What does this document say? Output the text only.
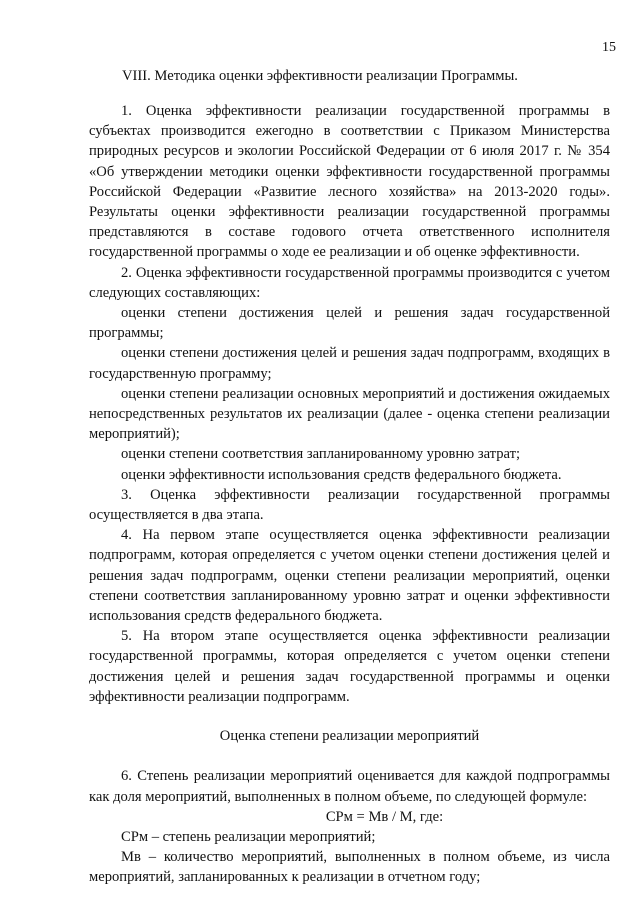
15
VIII. Методика оценки эффективности реализации Программы.

1. Оценка эффективности реализации государственной программы в субъектах производится ежегодно в соответствии с Приказом Министерства природных ресурсов и экологии Российской Федерации от 6 июля 2017 г. № 354 «Об утверждении методики оценки эффективности государственной программы Российской Федерации «Развитие лесного хозяйства» на 2013-2020 годы». Результаты оценки эффективности реализации государственной программы представляются в составе годового отчета ответственного исполнителя государственной программы о ходе ее реализации и об оценке эффективности.

2. Оценка эффективности государственной программы производится с учетом следующих составляющих:

оценки степени достижения целей и решения задач государственной программы;

оценки степени достижения целей и решения задач подпрограмм, входящих в государственную программу;

оценки степени реализации основных мероприятий и достижения ожидаемых непосредственных результатов их реализации (далее - оценка степени реализации мероприятий);

оценки степени соответствия запланированному уровню затрат;

оценки эффективности использования средств федерального бюджета.

3. Оценка эффективности реализации государственной программы осуществляется в два этапа.

4. На первом этапе осуществляется оценка эффективности реализации подпрограмм, которая определяется с учетом оценки степени достижения целей и решения задач подпрограмм, оценки степени реализации мероприятий, оценки степени соответствия запланированному уровню затрат и оценки эффективности использования средств федерального бюджета.

5. На втором этапе осуществляется оценка эффективности реализации государственной программы, которая определяется с учетом оценки степени достижения целей и решения задач государственной программы и оценки эффективности реализации подпрограмм.

Оценка степени реализации мероприятий

6. Степень реализации мероприятий оценивается для каждой подпрограммы как доля мероприятий, выполненных в полном объеме, по следующей формуле:

СРм = Мв / М, где:

СРм – степень реализации мероприятий;

Мв – количество мероприятий, выполненных в полном объеме, из числа мероприятий, запланированных к реализации в отчетном году;
